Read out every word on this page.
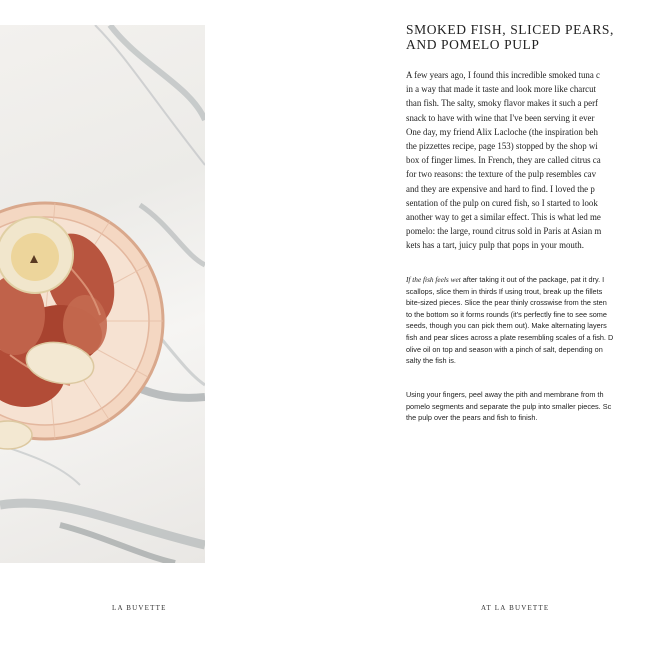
SMOKED FISH, SLICED PEARS,
AND POMELO PULP

A few years ago, I found this incredible smoked tuna c

in a way that made it taste and look more like charcut

than fish. The salty, smoky flavor makes it such a perf

snack to have with wine that I've been serving it ever

One day, my friend Alix Lacloche (the inspiration beh

the pizzettes recipe, page 153) stopped by the shop wi

box of finger limes. In French, they are called citrus ca

for two reasons: the texture of the pulp resembles cav

and they are expensive and hard to find. I loved the p

sentation of the pulp on cured fish, so I started to look

another way to get a similar effect. This is what led me

pomelo: the large, round citrus sold in Paris at Asian m

kets has a tart, juicy pulp that pops in your mouth.

If the fish feels wet after taking it out of the package, pat it dry. I

scallops, slice them in thirds If using trout, break up the fillets

bite-sized pieces. Slice the pear thinly crosswise from the sten

to the bottom so it forms rounds (it's perfectly fine to see some

seeds, though you can pick them out). Make alternating layers

fish and pear slices across a plate resembling scales of a fish. D

olive oil on top and season with a pinch of salt, depending on

salty the fish is.

Using your fingers, peel away the pith and membrane from th

pomelo segments and separate the pulp into smaller pieces. Sc

the pulp over the pears and fish to finish.

LA BUVETTE	AT LA BUVETTE
